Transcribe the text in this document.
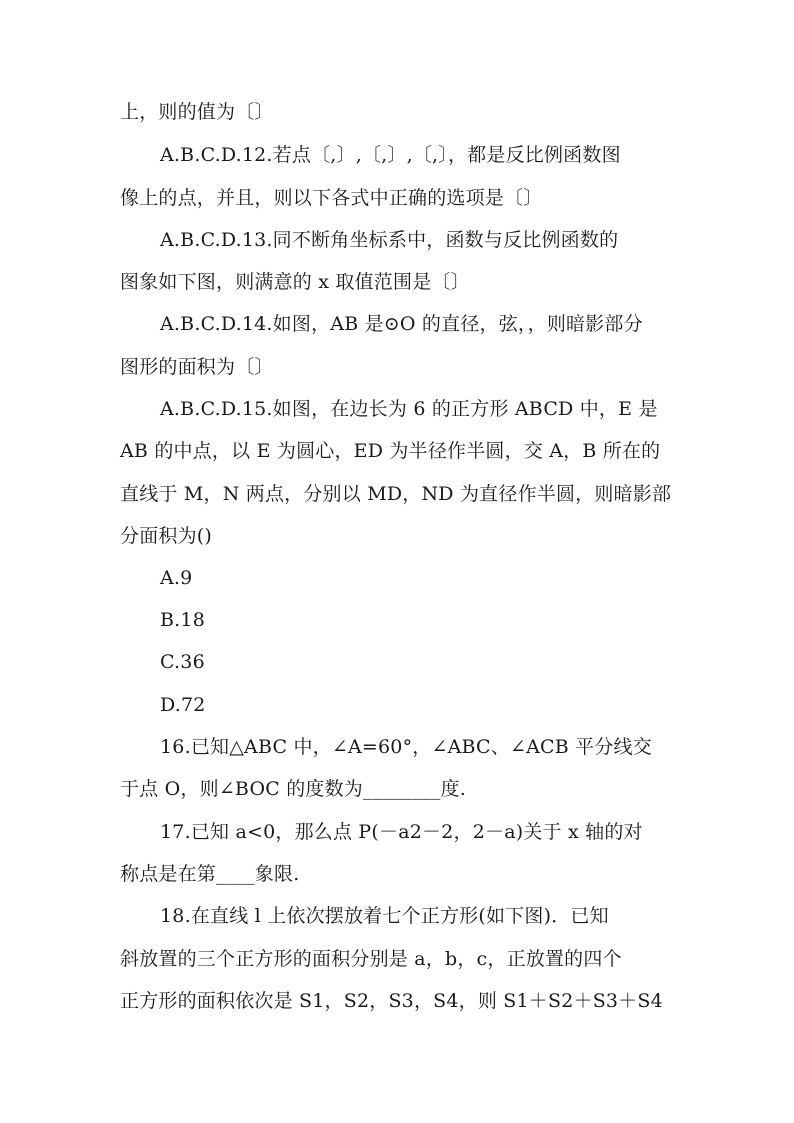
上，则的值为〔〕
A.B.C.D.12.若点〔,〕,〔,〕,〔,〕，都是反比例函数图
像上的点，并且，则以下各式中正确的选项是〔〕
A.B.C.D.13.同不断角坐标系中，函数与反比例函数的
图象如下图，则满意的 x 取值范围是〔〕
A.B.C.D.14.如图，AB 是⊙O 的直径，弦，，则暗影部分
图形的面积为〔〕
A.B.C.D.15.如图，在边长为 6 的正方形 ABCD 中，E 是
AB 的中点，以 E 为圆心，ED 为半径作半圆，交 A，B 所在的
直线于 M，N 两点，分别以 MD，ND 为直径作半圆，则暗影部
分面积为()
A.9
B.18
C.36
D.72
16.已知△ABC 中，∠A=60°，∠ABC、∠ACB 平分线交
于点 O，则∠BOC 的度数为________度.
17.已知 a<0，那么点 P(－a2－2，2－a)关于 x 轴的对
称点是在第____象限.
18.在直线 l 上依次摆放着七个正方形(如下图)．已知
斜放置的三个正方形的面积分别是 a，b，c，正放置的四个
正方形的面积依次是 S1，S2，S3，S4，则 S1＋S2＋S3＋S4
